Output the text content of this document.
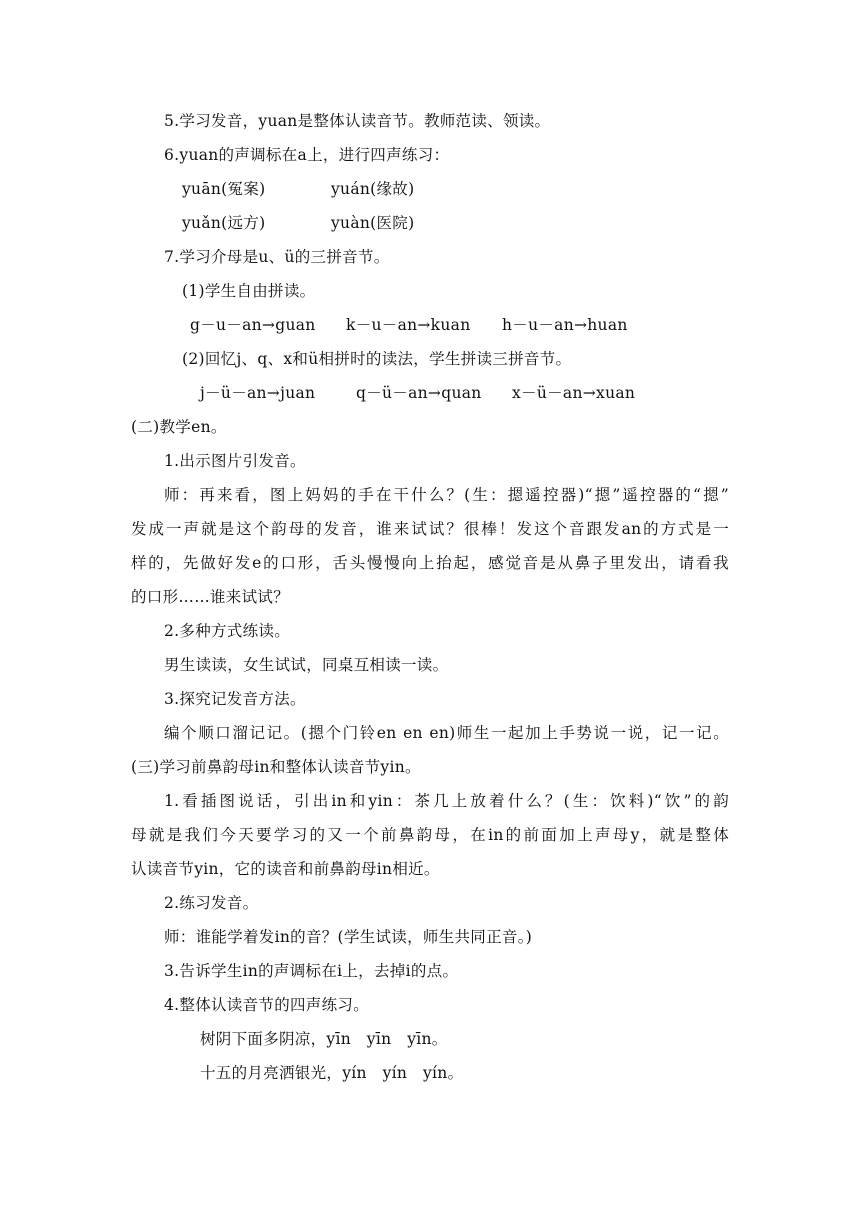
5.学习发音，yuan是整体认读音节。教师范读、领读。
6.yuan的声调标在a上，进行四声练习：
yuān(冤案)	yuán(缘故)
yuǎn(远方)	yuàn(医院)
7.学习介母是u、ü的三拼音节。
(1)学生自由拼读。
g－u－an→guan k－u－an→kuan h－u－an→huan
(2)回忆j、q、x和ü相拼时的读法，学生拼读三拼音节。
j－ü－an→juan	q－ü－an→quan x－ü－an→xuan
(二)教学en。
1.出示图片引发音。
师：再来看，图上妈妈的手在干什么？(生：摁遥控器)“摁”遥控器的“摁”
发成一声就是这个韵母的发音，谁来试试？很棒！发这个音跟发an的方式是一
样的，先做好发e的口形，舌头慢慢向上抬起，感觉音是从鼻子里发出，请看我
的口形……谁来试试？
2.多种方式练读。
男生读读，女生试试，同桌互相读一读。
3.探究记发音方法。
编个顺口溜记记。(摁个门铃en en en)师生一起加上手势说一说，记一记。
(三)学习前鼻韵母in和整体认读音节yin。
1.看插图说话，引出in和yin：茶几上放着什么？(生：饮料)“饮”的韵
母就是我们今天要学习的又一个前鼻韵母，在in的前面加上声母y，就是整体
认读音节yin，它的读音和前鼻韵母in相近。
2.练习发音。
师：谁能学着发in的音？(学生试读，师生共同正音。)
3.告诉学生in的声调标在i上，去掉i的点。
4.整体认读音节的四声练习。
树阴下面多阴凉，yīn　yīn　yīn。
十五的月亮洒银光，yín　yín　yín。
